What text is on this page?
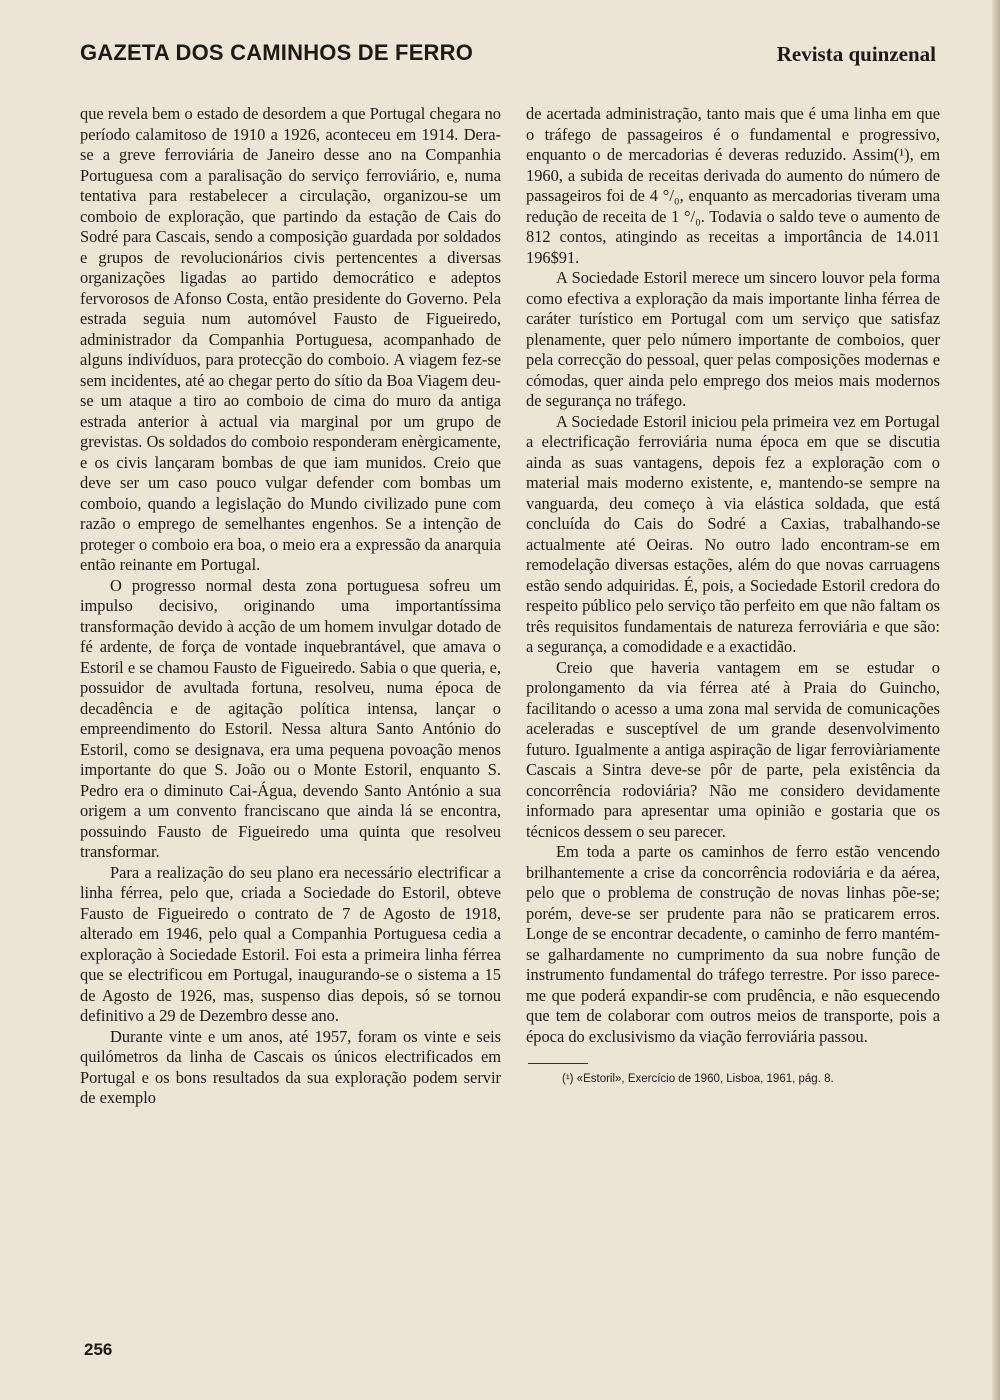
GAZETA DOS CAMINHOS DE FERRO	Revista quinzenal

que revela bem o estado de desordem a que Portugal chegara no período calamitoso de 1910 a 1926, aconteceu em 1914. Dera-se a greve ferroviária de Janeiro desse ano na Companhia Portuguesa com a paralisação do serviço ferroviário, e, numa tentativa para restabelecer a circulação, organizou-se um comboio de exploração, que partindo da estação de Cais do Sodré para Cascais, sendo a composição guardada por soldados e grupos de revolucionários civis pertencentes a diversas organizações ligadas ao partido democrático e adeptos fervorosos de Afonso Costa, então presidente do Governo. Pela estrada seguia num automóvel Fausto de Figueiredo, administrador da Companhia Portuguesa, acompanhado de alguns indivíduos, para protecção do comboio. A viagem fez-se sem incidentes, até ao chegar perto do sítio da Boa Viagem deu-se um ataque a tiro ao comboio de cima do muro da antiga estrada anterior à actual via marginal por um grupo de grevistas. Os soldados do comboio responderam enèrgicamente, e os civis lançaram bombas de que iam munidos. Creio que deve ser um caso pouco vulgar defender com bombas um comboio, quando a legislação do Mundo civilizado pune com razão o emprego de semelhantes engenhos. Se a intenção de proteger o comboio era boa, o meio era a expressão da anarquia então reinante em Portugal.

O progresso normal desta zona portuguesa sofreu um impulso decisivo, originando uma importantíssima transformação devido à acção de um homem invulgar dotado de fé ardente, de força de vontade inquebrantável, que amava o Estoril e se chamou Fausto de Figueiredo. Sabia o que queria, e, possuidor de avultada fortuna, resolveu, numa época de decadência e de agitação política intensa, lançar o empreendimento do Estoril. Nessa altura Santo António do Estoril, como se designava, era uma pequena povoação menos importante do que S. João ou o Monte Estoril, enquanto S. Pedro era o diminuto Cai-Água, devendo Santo António a sua origem a um convento franciscano que ainda lá se encontra, possuindo Fausto de Figueiredo uma quinta que resolveu transformar.

Para a realização do seu plano era necessário electrificar a linha férrea, pelo que, criada a Sociedade do Estoril, obteve Fausto de Figueiredo o contrato de 7 de Agosto de 1918, alterado em 1946, pelo qual a Companhia Portuguesa cedia a exploração à Sociedade Estoril. Foi esta a primeira linha férrea que se electrificou em Portugal, inaugurando-se o sistema a 15 de Agosto de 1926, mas, suspenso dias depois, só se tornou definitivo a 29 de Dezembro desse ano.

Durante vinte e um anos, até 1957, foram os vinte e seis quilómetros da linha de Cascais os únicos electrificados em Portugal e os bons resultados da sua exploração podem servir de exemplo

de acertada administração, tanto mais que é uma linha em que o tráfego de passageiros é o fundamental e progressivo, enquanto o de mercadorias é deveras reduzido. Assim(¹), em 1960, a subida de receitas derivada do aumento do número de passageiros foi de 4 °/₀, enquanto as mercadorias tiveram uma redução de receita de 1 °/₀. Todavia o saldo teve o aumento de 812 contos, atingindo as receitas a importância de 14.011 196$91.

A Sociedade Estoril merece um sincero louvor pela forma como efectiva a exploração da mais importante linha férrea de caráter turístico em Portugal com um serviço que satisfaz plenamente, quer pelo número importante de comboios, quer pela correcção do pessoal, quer pelas composições modernas e cómodas, quer ainda pelo emprego dos meios mais modernos de segurança no tráfego.

A Sociedade Estoril iniciou pela primeira vez em Portugal a electrificação ferroviária numa época em que se discutia ainda as suas vantagens, depois fez a exploração com o material mais moderno existente, e, mantendo-se sempre na vanguarda, deu começo à via elástica soldada, que está concluída do Cais do Sodré a Caxias, trabalhando-se actualmente até Oeiras. No outro lado encontram-se em remodelação diversas estações, além do que novas carruagens estão sendo adquiridas. É, pois, a Sociedade Estoril credora do respeito público pelo serviço tão perfeito em que não faltam os três requisitos fundamentais de natureza ferroviária e que são: a segurança, a comodidade e a exactidão.

Creio que haveria vantagem em se estudar o prolongamento da via férrea até à Praia do Guincho, facilitando o acesso a uma zona mal servida de comunicações aceleradas e susceptível de um grande desenvolvimento futuro. Igualmente a antiga aspiração de ligar ferroviàriamente Cascais a Sintra deve-se pôr de parte, pela existência da concorrência rodoviária? Não me considero devidamente informado para apresentar uma opinião e gostaria que os técnicos dessem o seu parecer.

Em toda a parte os caminhos de ferro estão vencendo brilhantemente a crise da concorrência rodoviária e da aérea, pelo que o problema de construção de novas linhas põe-se; porém, deve-se ser prudente para não se praticarem erros. Longe de se encontrar decadente, o caminho de ferro mantém-se galhardamente no cumprimento da sua nobre função de instrumento fundamental do tráfego terrestre. Por isso parece-me que poderá expandir-se com prudência, e não esquecendo que tem de colaborar com outros meios de transporte, pois a época do exclusivismo da viação ferroviária passou.

(¹) «Estoril», Exercício de 1960, Lisboa, 1961, pág. 8.
256
